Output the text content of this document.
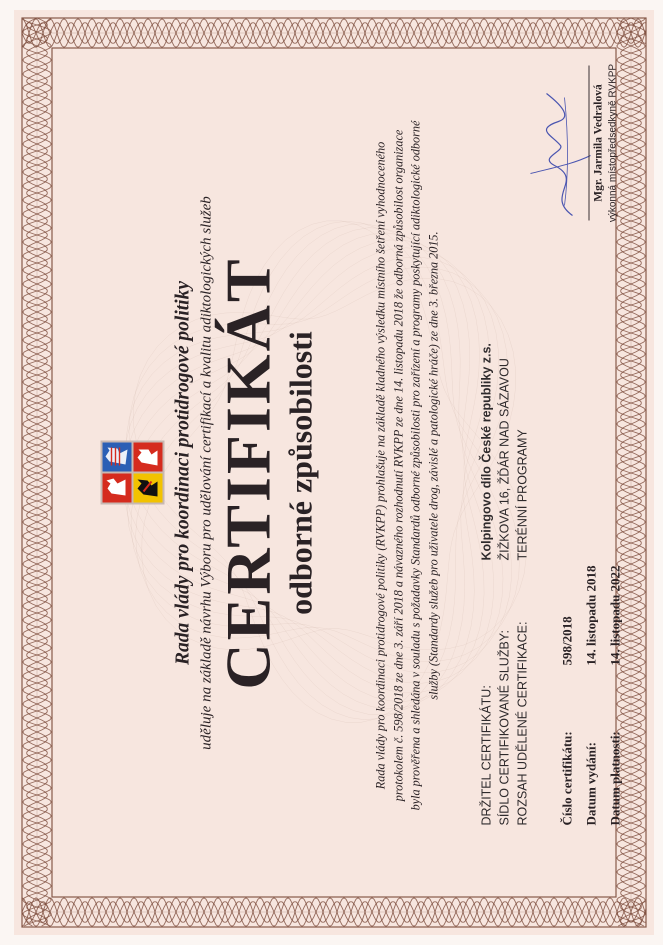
Rada vlády pro koordinaci protidrogové politiky uděluje na základě návrhu Výboru pro udělování certifikací a kvalitu adiktologických služeb
CERTIFIKÁT odborné způsobilosti	Rada vlády pro koordinaci protidrogové politiky (RVKPP) prohlašuje na základě kladného výsledku místního šetření vyhodnoceného protokolem č. 598/2018 ze dne 3. září 2018 a návazného rozhodnutí RVKPP ze dne 14. listopadu 2018 že odborná způsobilost organizace byla prověřena a shledána v souladu s požadavky Standardů odborné způsobilosti pro zařízení a programy poskytující adiktologické odborné služby (Standardy služeb pro uživatele drog, závislé a patologické hráče) ze dne 3. března 2015.
DRŽITEL CERTIFIKÁTU:
Kolpingovo dílo České republiky z.s.
SÍDLO CERTIFIKOVANÉ SLUŽBY:
ŽIŽKOVA 16, ŽĎÁR NAD SÁZAVOU
ROZSAH UDĚLENÉ CERTIFIKACE:
TERÉNNÍ PROGRAMY
Číslo certifikátu:
598/2018
Datum vydání:
14. listopadu 2018
Datum platnosti:
14. listopadu 2022
Mgr. Jarmila Vedralová výkonná místopředsedkyně RVKPP
